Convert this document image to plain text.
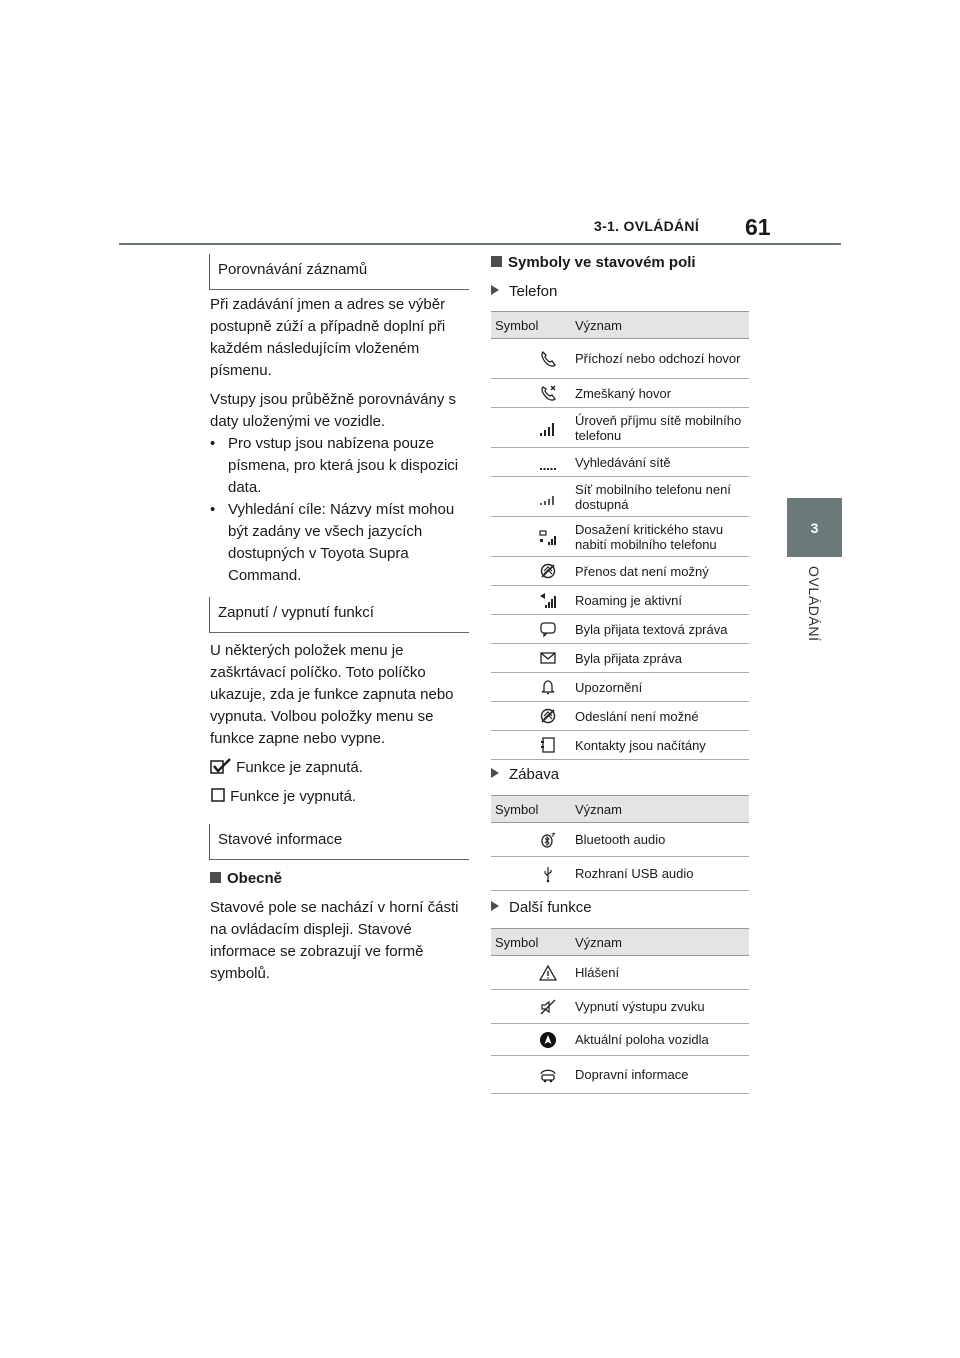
3-1. OVLÁDÁNÍ 61
3
OVLÁDÁNÍ
Porovnávání záznamů

Při zadávání jmen a adres se výběr postupně zúží a případně doplní při každém následujícím vloženém písmenu.

Vstupy jsou průběžně porovnávány s daty uloženými ve vozidle.

• Pro vstup jsou nabízena pouze písmena, pro která jsou k dispozici data.
• Vyhledání cíle: Názvy míst mohou být zadány ve všech jazycích dostupných v Toyota Supra Command.
Zapnutí / vypnutí funkcí

U některých položek menu je zaškrtávací políčko. Toto políčko ukazuje, zda je funkce zapnuta nebo vypnuta. Volbou položky menu se funkce zapne nebo vypne.

Funkce je zapnutá.

Funkce je vypnutá.

Stavové informace

Obecně

Stavové pole se nachází v horní části na ovládacím displeji. Stavové informace se zobrazují ve formě symbolů.

Symboly ve stavovém poli
Telefon
Symbol	Význam
	Příchozí nebo odchozí hovor
	Zmeškaný hovor
	Úroveň příjmu sítě mobilního telefonu
	Vyhledávání sítě
	Síť mobilního telefonu není dostupná
	Dosažení kritického stavu nabití mobilního telefonu
	Přenos dat není možný
	Roaming je aktivní
	Byla přijata textová zpráva
	Byla přijata zpráva
	Upozornění
	Odeslání není možné
	Kontakty jsou načítány
Zábava
Symbol	Význam
	Bluetooth audio
	Rozhraní USB audio
Další funkce
Symbol	Význam
	Hlášení
	Vypnutí výstupu zvuku
	Aktuální poloha vozidla
	Dopravní informace
